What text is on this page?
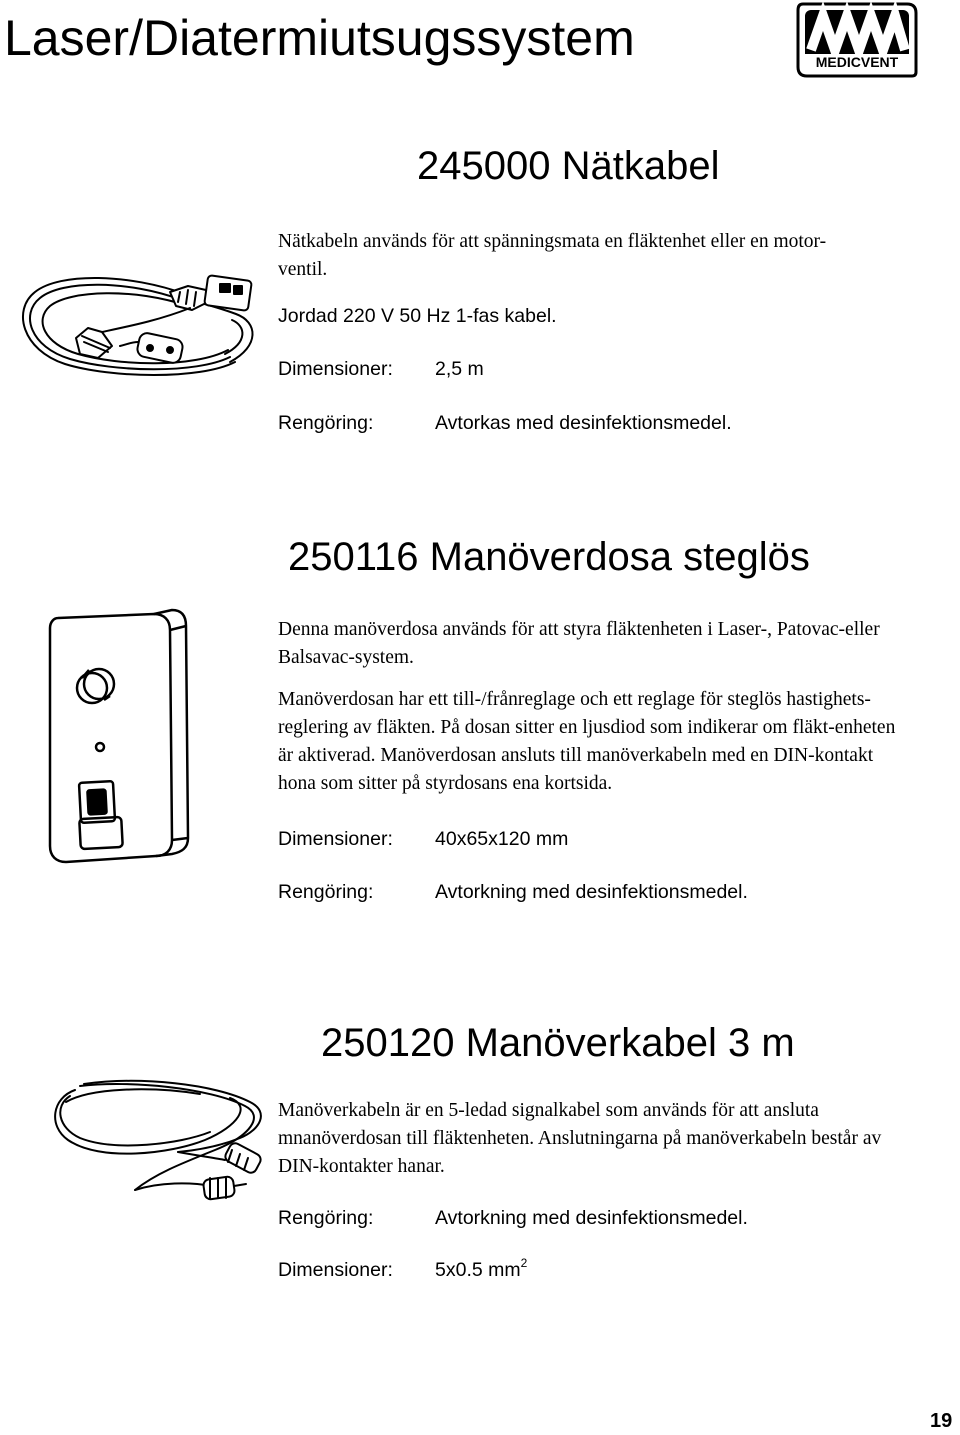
Laser/Diatermiutsugssystem	MEDICVENT
245000 Nätkabel

Nätkabeln används för att spänningsmata en fläktenhet eller en motor-ventil.

Jordad 220 V 50 Hz 1-fas kabel.
Dimensioner: 2,5 m
Rengöring:	Avtorkas med desinfektionsmedel.
250116 Manöverdosa steglös

Denna manöverdosa används för att styra fläktenheten i Laser-, Patovac-eller Balsavac-system.

Manöverdosan har ett till-/frånreglage och ett reglage för steglös hastighets-reglering av fläkten. På dosan sitter en ljusdiod som indikerar om fläkt-enheten är aktiverad. Manöverdosan ansluts till manöverkabeln med en DIN-kontakt hona som sitter på styrdosans ena kortsida.

Dimensioner: 40x65x120 mm
Rengöring:	Avtorkning med desinfektionsmedel.
250120 Manöverkabel 3 m

Manöverkabeln är en 5-ledad signalkabel som används för att ansluta mnanöverdosan till fläktenheten. Anslutningarna på manöverkabeln består av DIN-kontakter hanar.

Rengöring:	Avtorkning med desinfektionsmedel.
Dimensioner: 5x0.5 $mm^2$
19
